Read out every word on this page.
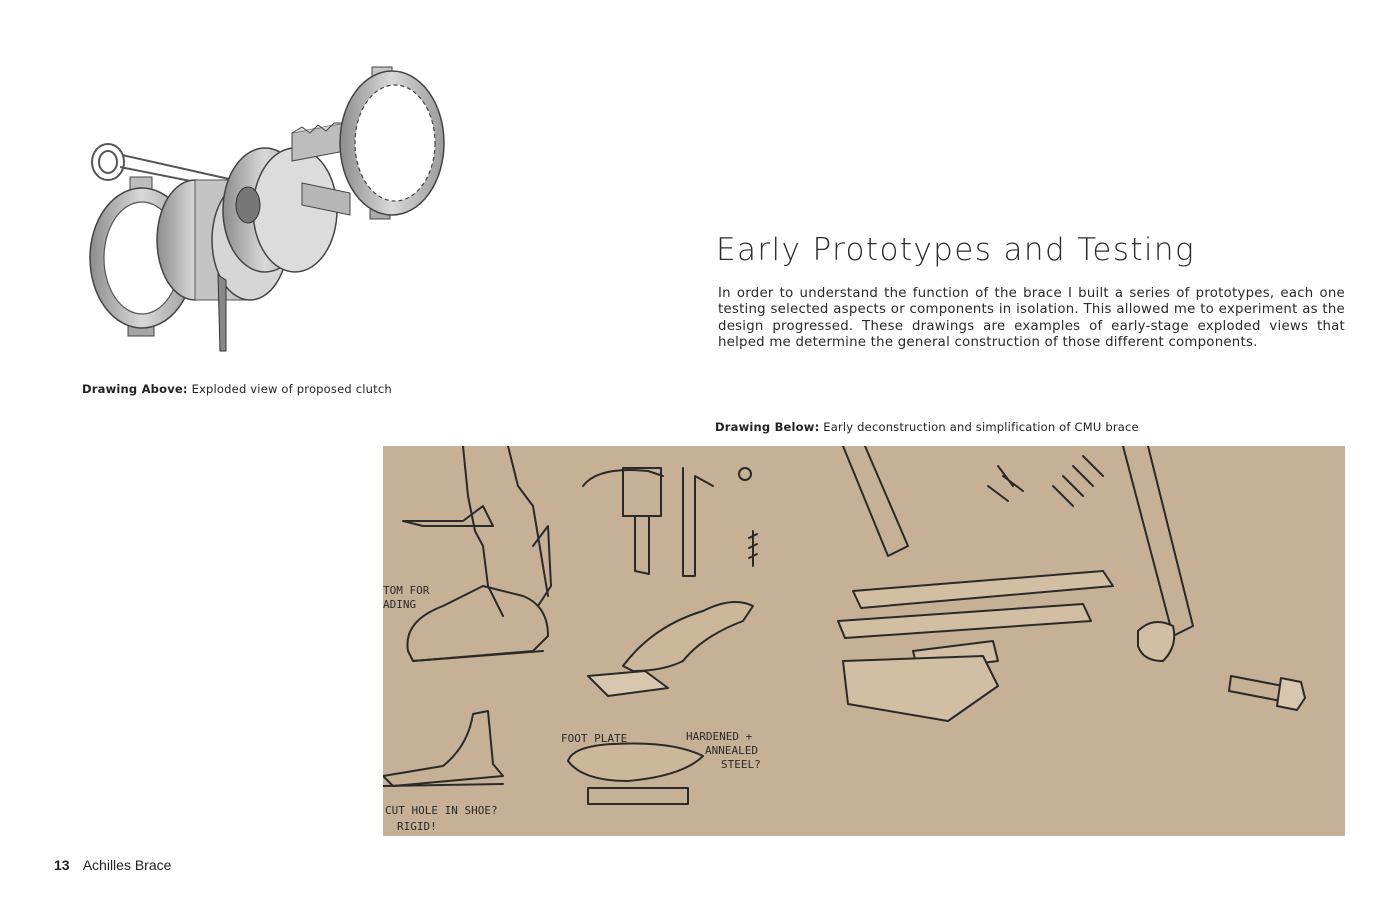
Drawing Above: Exploded view of proposed clutch
Early Prototypes and Testing

In order to understand the function of the brace I built a series of prototypes, each one testing selected aspects or components in isolation. This allowed me to experiment as the design progressed. These drawings are examples of early-stage exploded views that helped me determine the general construction of those different components.

Drawing Below: Early deconstruction and simplification of CMU brace
TOM FOR ADING
FOOT PLATE	HARDENED +
ANNEALED
STEEL?
CUT HOLE IN SHOE?
RIGID!
13 Achilles Brace
